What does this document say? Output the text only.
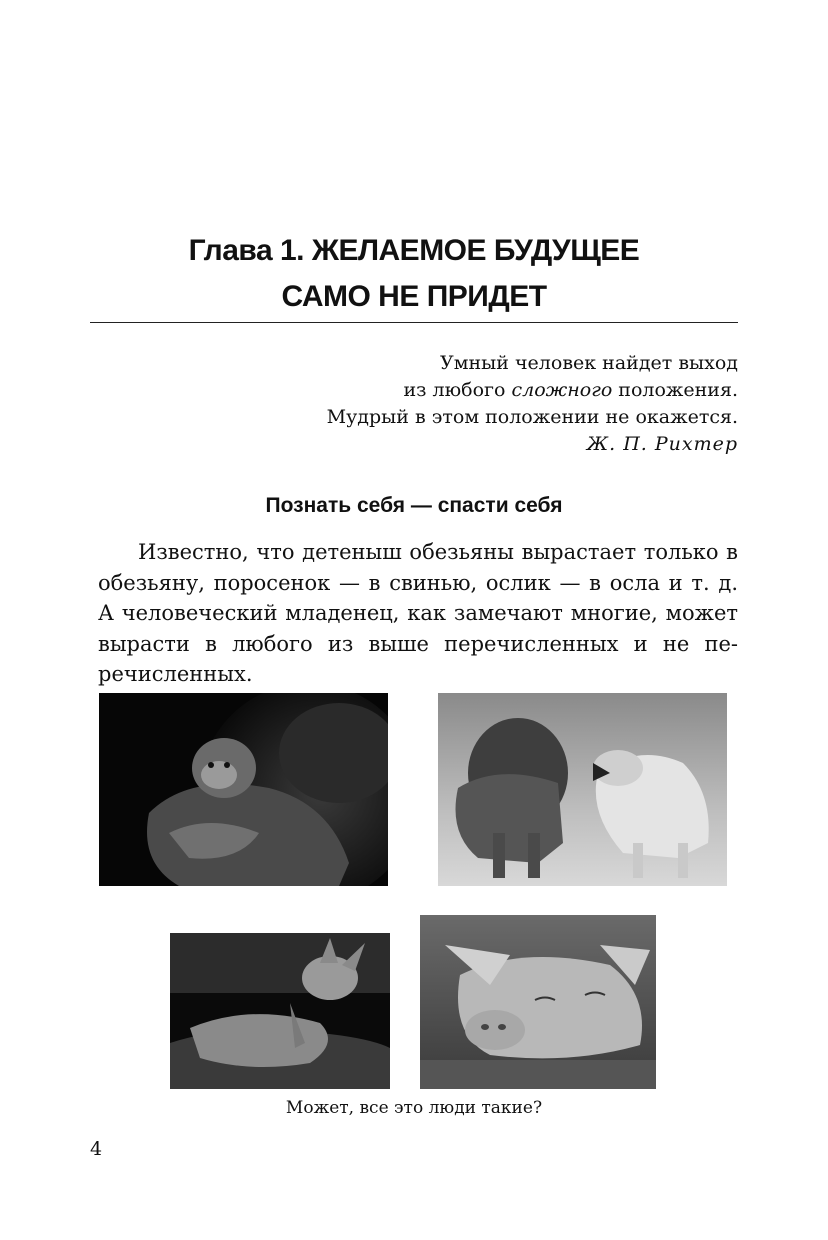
Глава 1. ЖЕЛАЕМОЕ БУДУЩЕЕ
САМО НЕ ПРИДЕТ
Умный человек найдет выход
из любого сложного положения.
Мудрый в этом положении не окажется.
Ж. П. Рихтер
Познать себя — спасти себя
Известно, что детеныш обезьяны вырастает только в обезьяну, поросенок — в свинью, ослик — в осла и т. д. А человеческий младенец, как замечают многие, может вырасти в любого из выше перечисленных и не перечисленных.
Может, все это люди такие?
4
